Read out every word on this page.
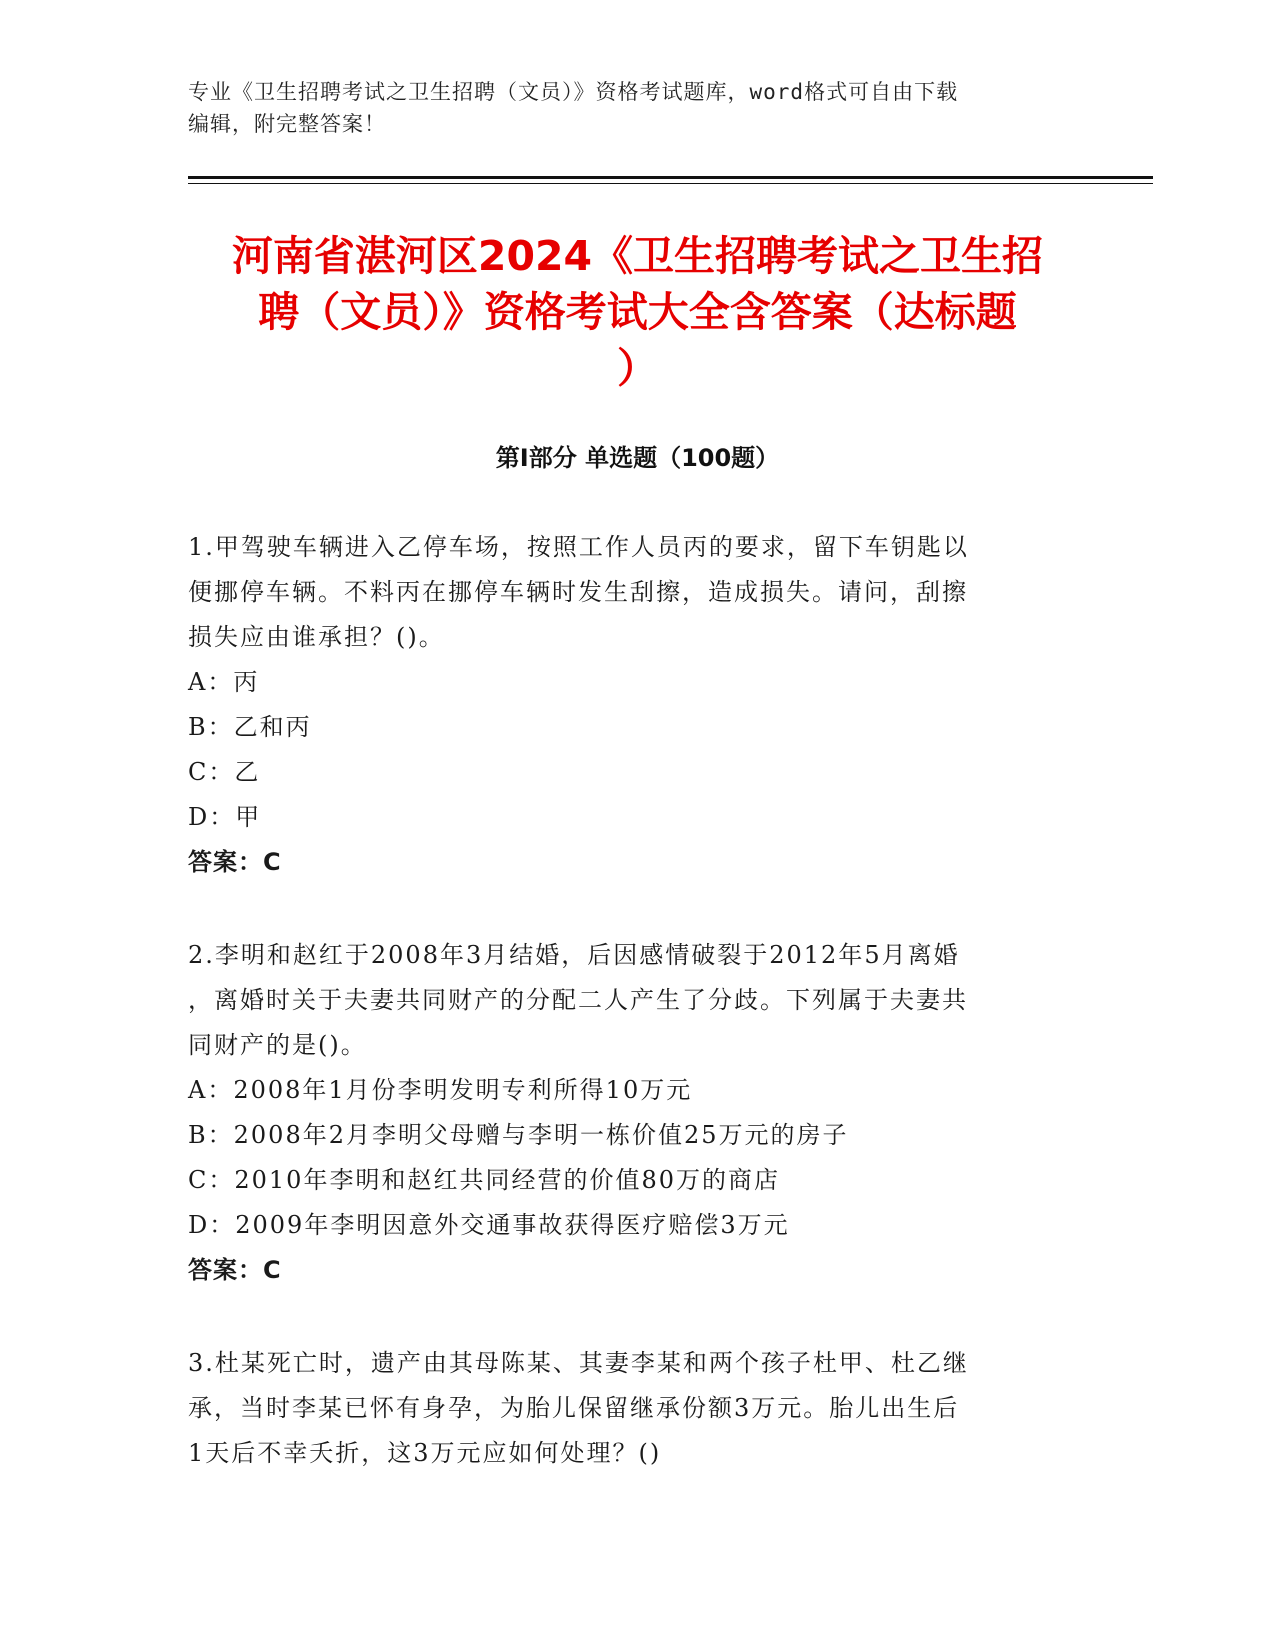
专业《卫生招聘考试之卫生招聘（文员）》资格考试题库，word格式可自由下载
编辑，附完整答案！
河南省湛河区2024《卫生招聘考试之卫生招
聘（文员）》资格考试大全含答案（达标题
）
第Ⅰ部分 单选题（100题）
1.甲驾驶车辆进入乙停车场，按照工作人员丙的要求，留下车钥匙以
便挪停车辆。不料丙在挪停车辆时发生刮擦，造成损失。请问，刮擦
损失应由谁承担？()。
A：丙
B：乙和丙
C：乙
D：甲
答案：C
2.李明和赵红于2008年3月结婚，后因感情破裂于2012年5月离婚
，离婚时关于夫妻共同财产的分配二人产生了分歧。下列属于夫妻共
同财产的是()。
A：2008年1月份李明发明专利所得10万元
B：2008年2月李明父母赠与李明一栋价值25万元的房子
C：2010年李明和赵红共同经营的价值80万的商店
D：2009年李明因意外交通事故获得医疗赔偿3万元
答案：C
3.杜某死亡时，遗产由其母陈某、其妻李某和两个孩子杜甲、杜乙继
承，当时李某已怀有身孕，为胎儿保留继承份额3万元。胎儿出生后
1天后不幸夭折，这3万元应如何处理？()
